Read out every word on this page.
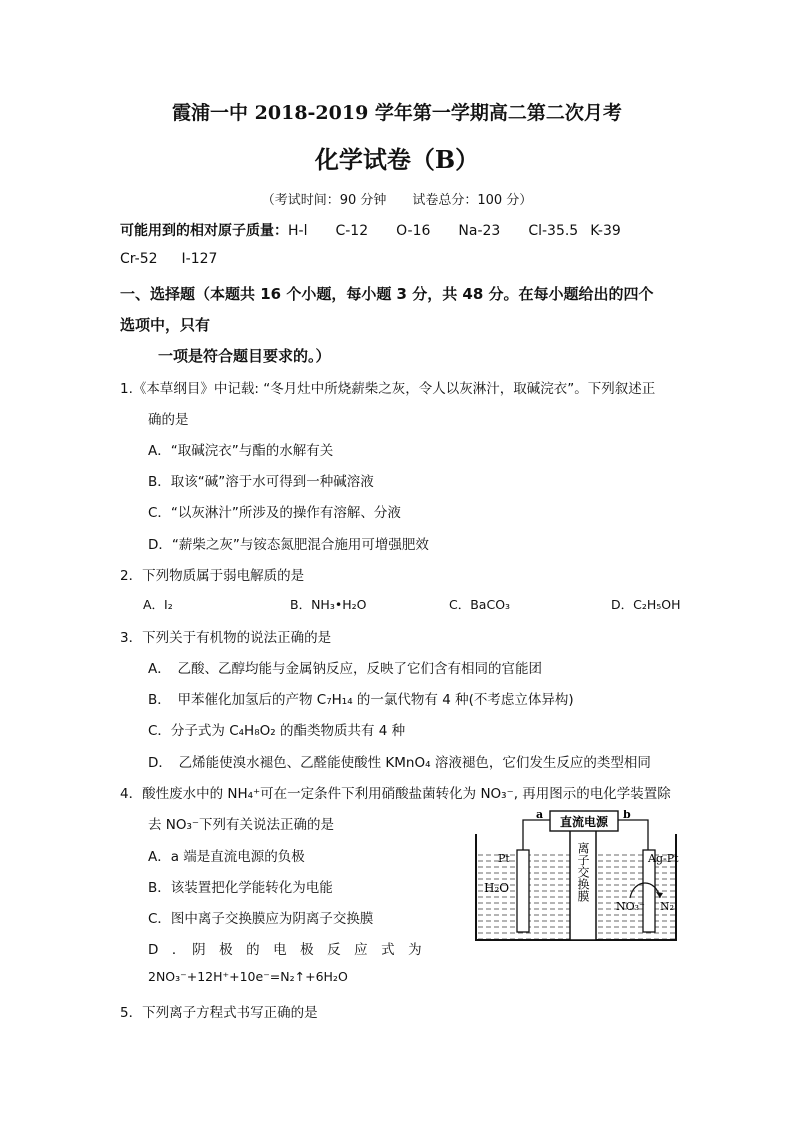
霞浦一中 2018-2019 学年第一学期高二第二次月考
化学试卷（B）
（考试时间：90 分钟　　试卷总分：100 分）
可能用到的相对原子质量：H-l C-12 O-16 Na-23 Cl-35.5 K-39
Cr-52 I-127
一、选择题（本题共 16 个小题，每小题 3 分，共 48 分。在每小题给出的四个
选项中，只有
一项是符合题目要求的。）
1.《本草纲目》中记载: “冬月灶中所烧薪柴之灰，令人以灰淋汁，取碱浣衣”。下列叙述正
确的是
A．“取碱浣衣”与酯的水解有关
B．取该“碱”溶于水可得到一种碱溶液
C．“以灰淋汁”所涉及的操作有溶解、分液
D．“薪柴之灰”与铵态氮肥混合施用可增强肥效
2．下列物质属于弱电解质的是
A．I₂	B．NH₃•H₂O	C．BaCO₃	D．C₂H₅OH
3．下列关于有机物的说法正确的是
A．　乙酸、乙醇均能与金属钠反应，反映了它们含有相同的官能团
B．　甲苯催化加氢后的产物 C₇H₁₄ 的一氯代物有 4 种(不考虑立体异构)
C．分子式为 C₄H₈O₂ 的酯类物质共有 4 种
D．　乙烯能使溴水褪色、乙醛能使酸性 KMnO₄ 溶液褪色，它们发生反应的类型相同
4．酸性废水中的 NH₄⁺可在一定条件下利用硝酸盐菌转化为 NO₃⁻, 再用图示的电化学装置除
去 NO₃⁻下列有关说法正确的是
A．a 端是直流电源的负极
B．该装置把化学能转化为电能
C．图中离子交换膜应为阴离子交换膜
D　．　阴　极　的　电　极　反　应　式　为
2NO₃⁻+12H⁺+10e⁻=N₂↑+6H₂O
5．下列离子方程式书写正确的是
离子交换膜
直流电源
a	b
Pt	Ag-Pt
H₂O
NO₃⁻ N₂
